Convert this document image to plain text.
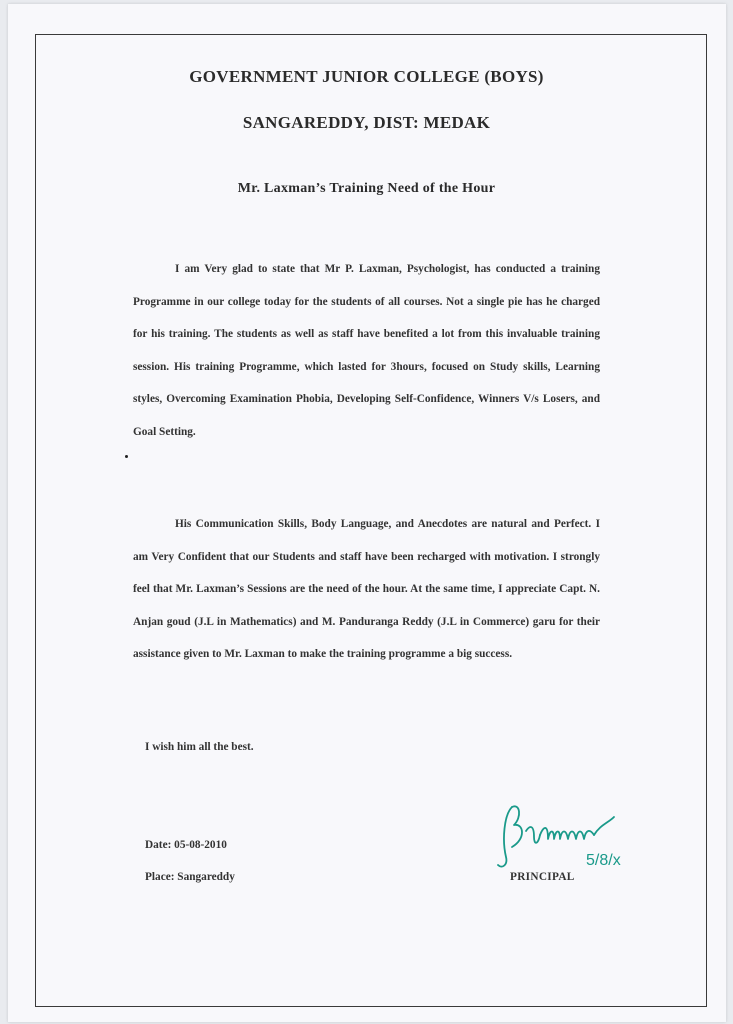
GOVERNMENT JUNIOR COLLEGE (BOYS)
SANGAREDDY, DIST: MEDAK
Mr. Laxman’s Training Need of the Hour

I am Very glad to state that Mr P. Laxman, Psychologist, has conducted a training Programme in our college today for the students of all courses. Not a single pie has he charged for his training. The students as well as staff have benefited a lot from this invaluable training session. His training Programme, which lasted for 3hours, focused on Study skills, Learning styles, Overcoming Examination Phobia, Developing Self-Confidence, Winners V/s Losers, and Goal Setting.

His Communication Skills, Body Language, and Anecdotes are natural and Perfect. I am Very Confident that our Students and staff have been recharged with motivation. I strongly feel that Mr. Laxman’s Sessions are the need of the hour. At the same time, I appreciate Capt. N. Anjan goud (J.L in Mathematics) and M. Panduranga Reddy (J.L in Commerce) garu for their assistance given to Mr. Laxman to make the training programme a big success.

I wish him all the best.
Date: 05-08-2010
Place: Sangareddy
5/8/x
PRINCIPAL
